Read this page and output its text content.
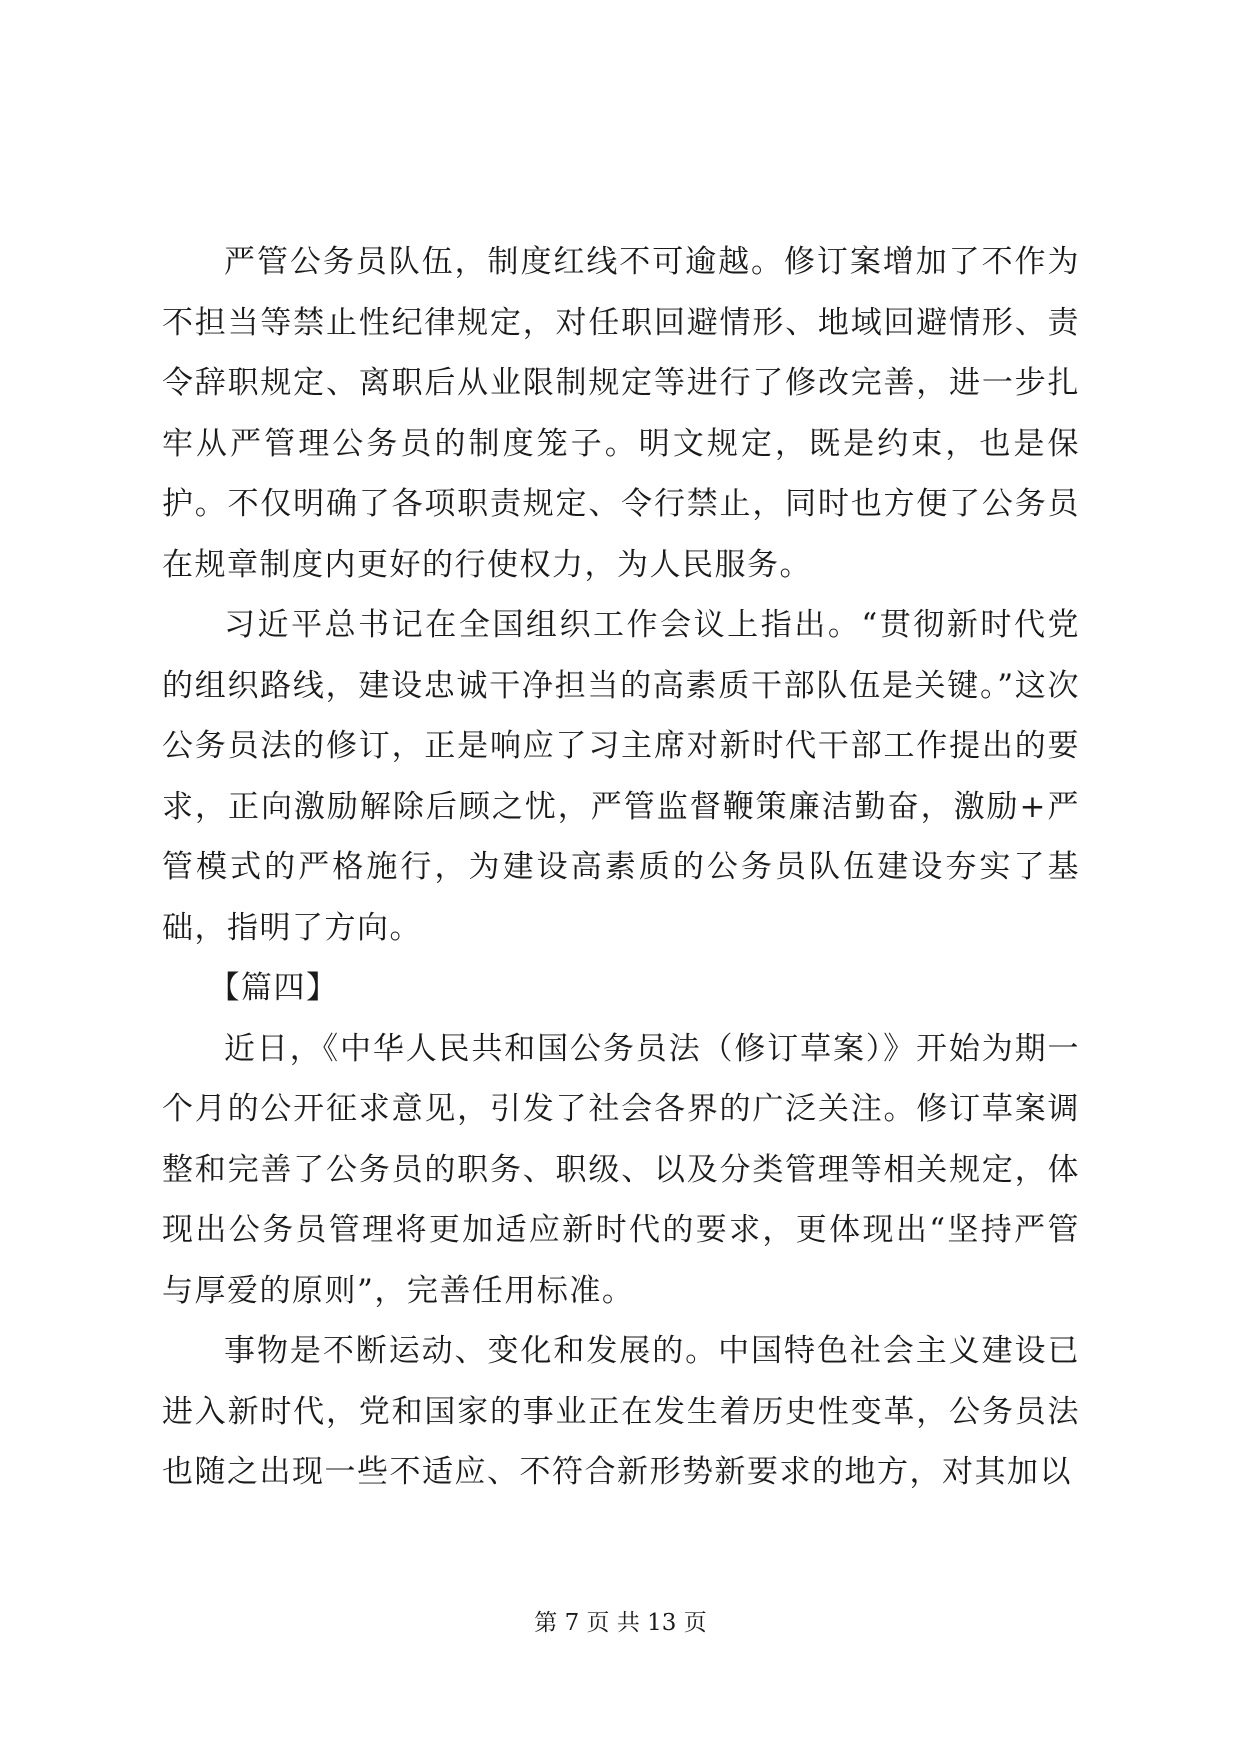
严管公务员队伍，制度红线不可逾越。修订案增加了不作为不担当等禁止性纪律规定，对任职回避情形、地域回避情形、责令辞职规定、离职后从业限制规定等进行了修改完善，进一步扎牢从严管理公务员的制度笼子。明文规定，既是约束，也是保护。不仅明确了各项职责规定、令行禁止，同时也方便了公务员在规章制度内更好的行使权力，为人民服务。

习近平总书记在全国组织工作会议上指出。“贯彻新时代党的组织路线，建设忠诚干净担当的高素质干部队伍是关键。”这次公务员法的修订，正是响应了习主席对新时代干部工作提出的要求，正向激励解除后顾之忧，严管监督鞭策廉洁勤奋，激励+严管模式的严格施行，为建设高素质的公务员队伍建设夯实了基础，指明了方向。

【篇四】

近日，《中华人民共和国公务员法（修订草案）》开始为期一个月的公开征求意见，引发了社会各界的广泛关注。修订草案调整和完善了公务员的职务、职级、以及分类管理等相关规定，体现出公务员管理将更加适应新时代的要求，更体现出“坚持严管与厚爱的原则”，完善任用标准。

事物是不断运动、变化和发展的。中国特色社会主义建设已进入新时代，党和国家的事业正在发生着历史性变革，公务员法也随之出现一些不适应、不符合新形势新要求的地方，对其加以

第 7 页 共 13 页
